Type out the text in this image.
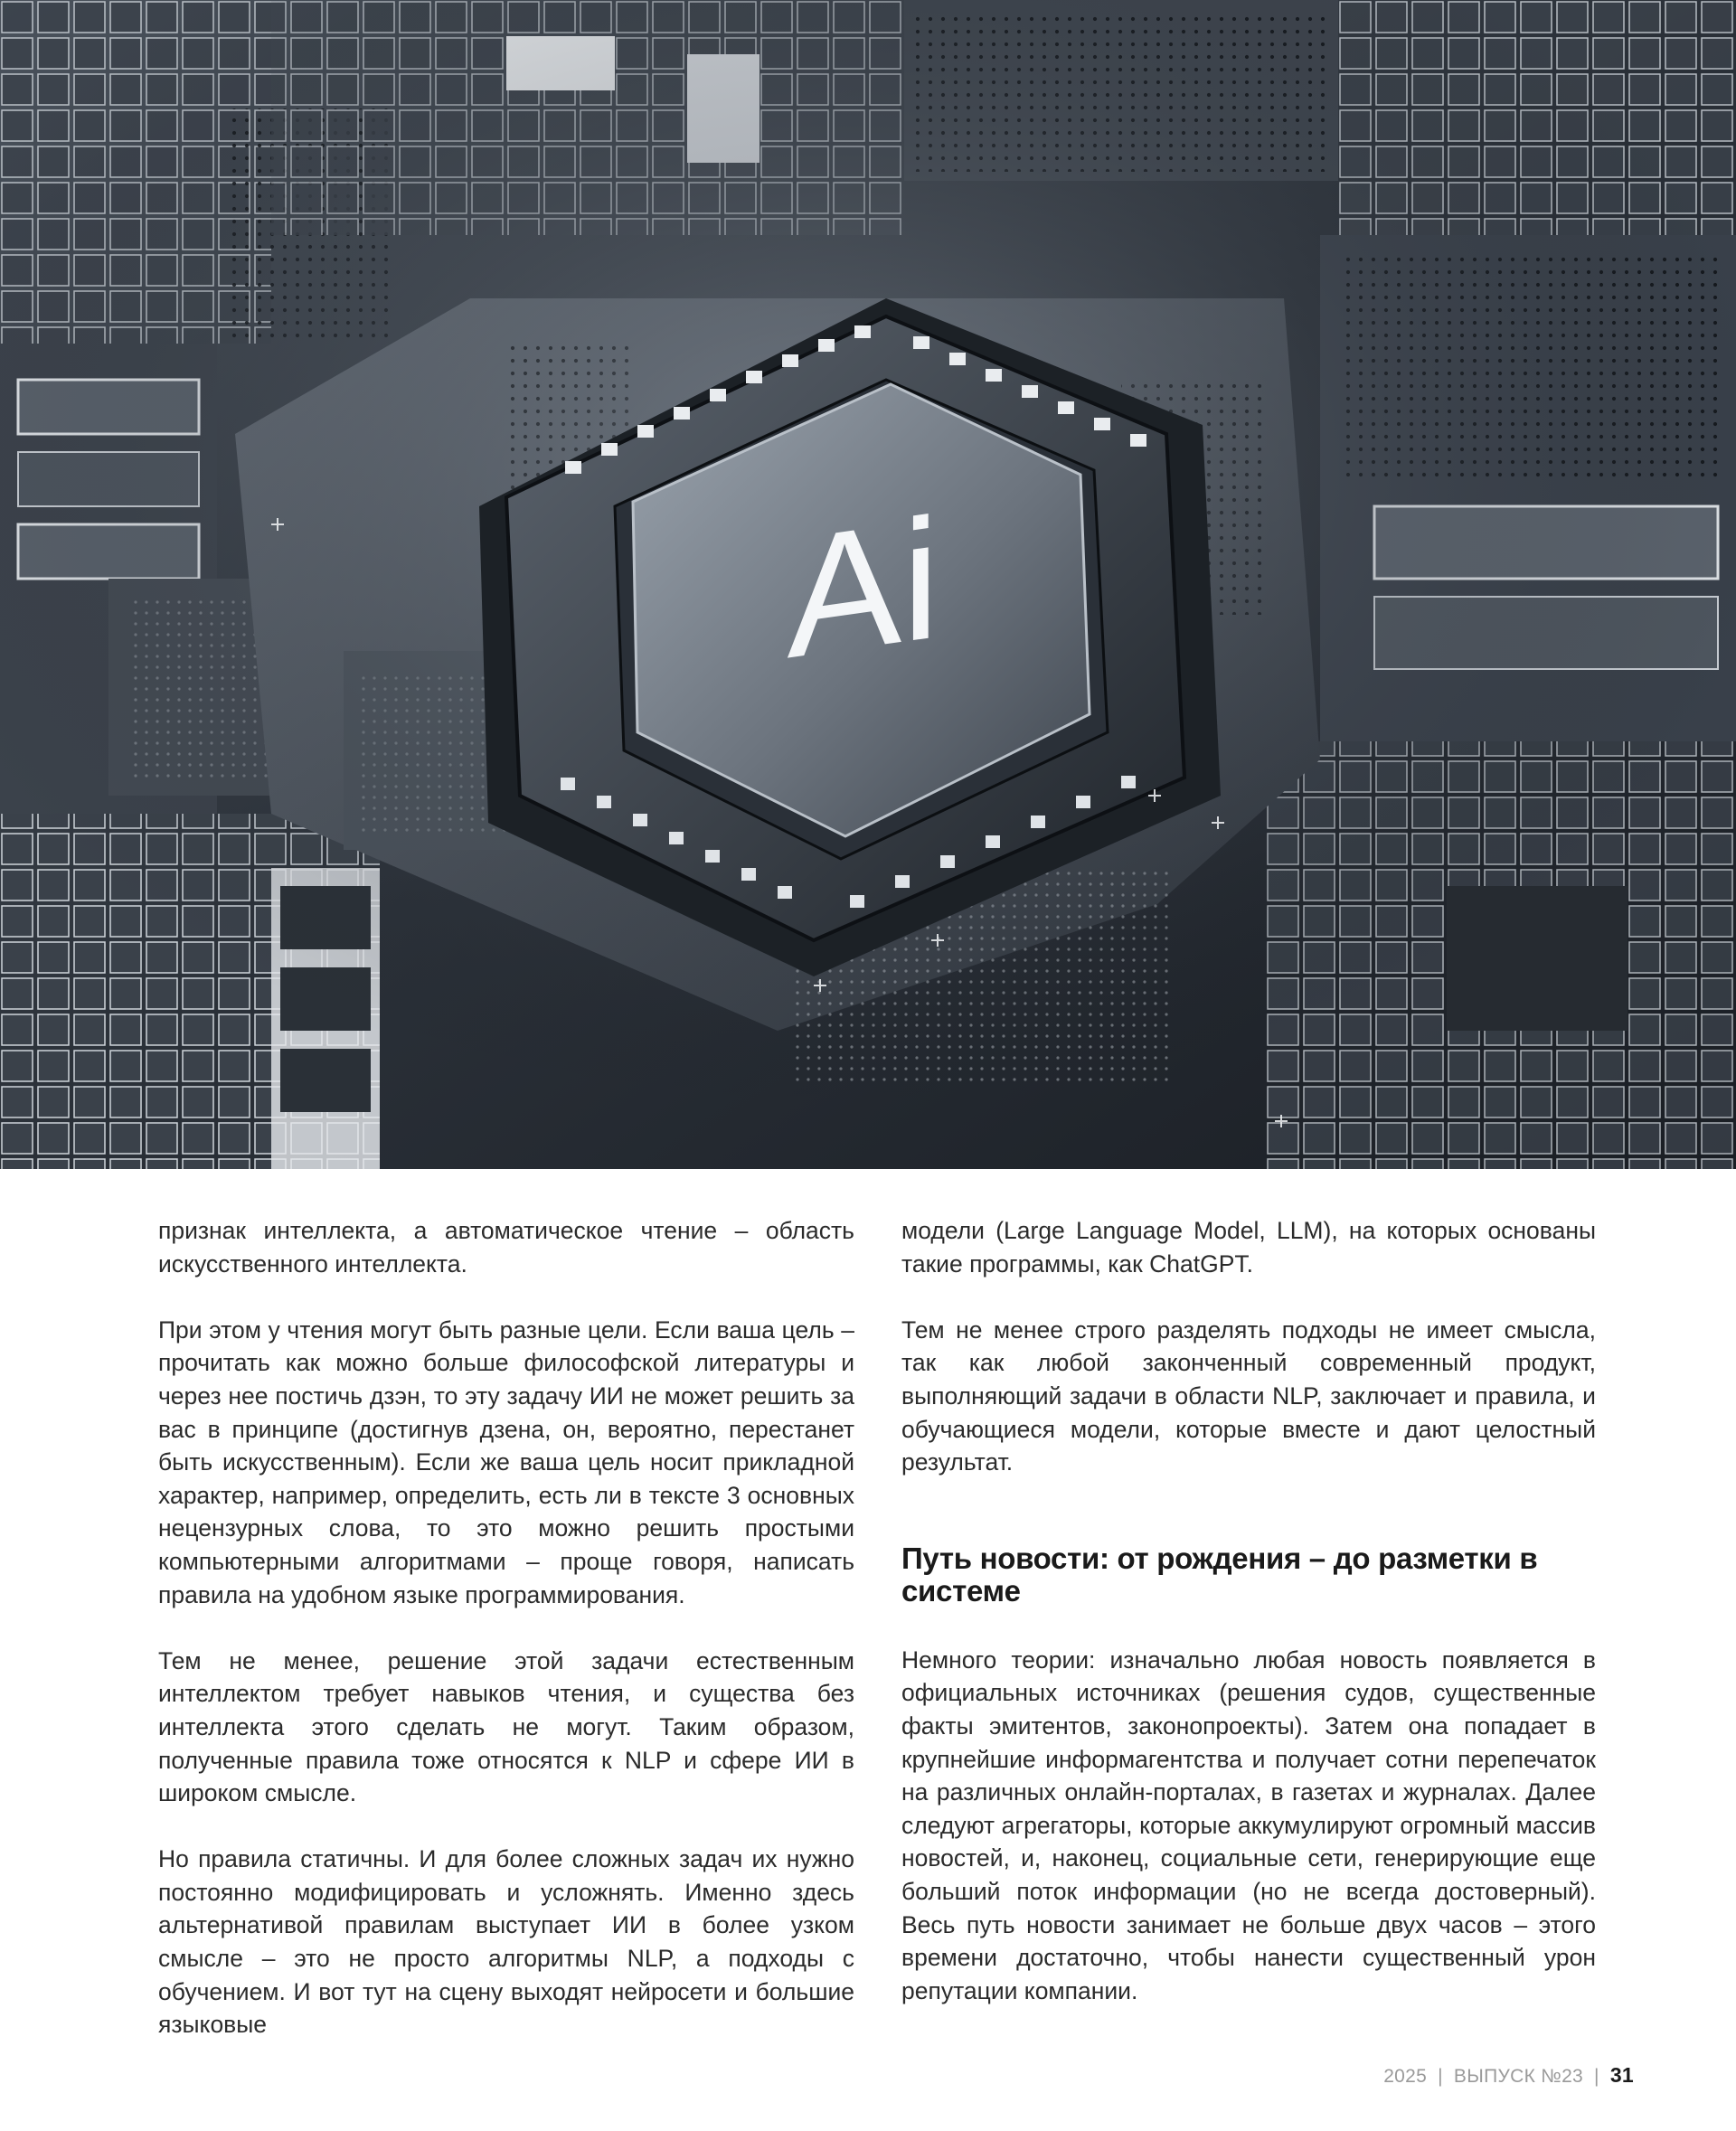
Ai

признак интеллекта, а автоматическое чтение – область искусственного интеллекта.

При этом у чтения могут быть разные цели. Если ваша цель – прочитать как можно больше философской литературы и через нее постичь дзэн, то эту задачу ИИ не может решить за вас в принципе (достигнув дзена, он, вероятно, перестанет быть искусственным). Если же ваша цель носит прикладной характер, например, определить, есть ли в тексте 3 основных нецензурных слова, то это можно решить простыми компьютерными алгоритмами – проще говоря, написать правила на удобном языке программирования.

Тем не менее, решение этой задачи естественным интеллектом требует навыков чтения, и существа без интеллекта этого сделать не могут. Таким образом, полученные правила тоже относятся к NLP и сфере ИИ в широком смысле.

Но правила статичны. И для более сложных задач их нужно постоянно модифицировать и усложнять. Именно здесь альтернативой правилам выступает ИИ в более узком смысле – это не просто алгоритмы NLP, а подходы с обучением. И вот тут на сцену выходят нейросети и большие языковые

модели (Large Language Model, LLM), на которых основаны такие программы, как ChatGPT.

Тем не менее строго разделять подходы не имеет смысла, так как любой законченный современный продукт, выполняющий задачи в области NLP, заключает и правила, и обучающиеся модели, которые вместе и дают целостный результат.

Путь новости: от рождения – до разметки в системе

Немного теории: изначально любая новость появляется в официальных источниках (решения судов, существенные факты эмитентов, законопроекты). Затем она попадает в крупнейшие информагентства и получает сотни перепечаток на различных онлайн-порталах, в газетах и журналах. Далее следуют агрегаторы, которые аккумулируют огромный массив новостей, и, наконец, социальные сети, генерирующие еще больший поток информации (но не всегда достоверный). Весь путь новости занимает не больше двух часов – этого времени достаточно, чтобы нанести существенный урон репутации компании.

2025 | ВЫПУСК №23 | 31
